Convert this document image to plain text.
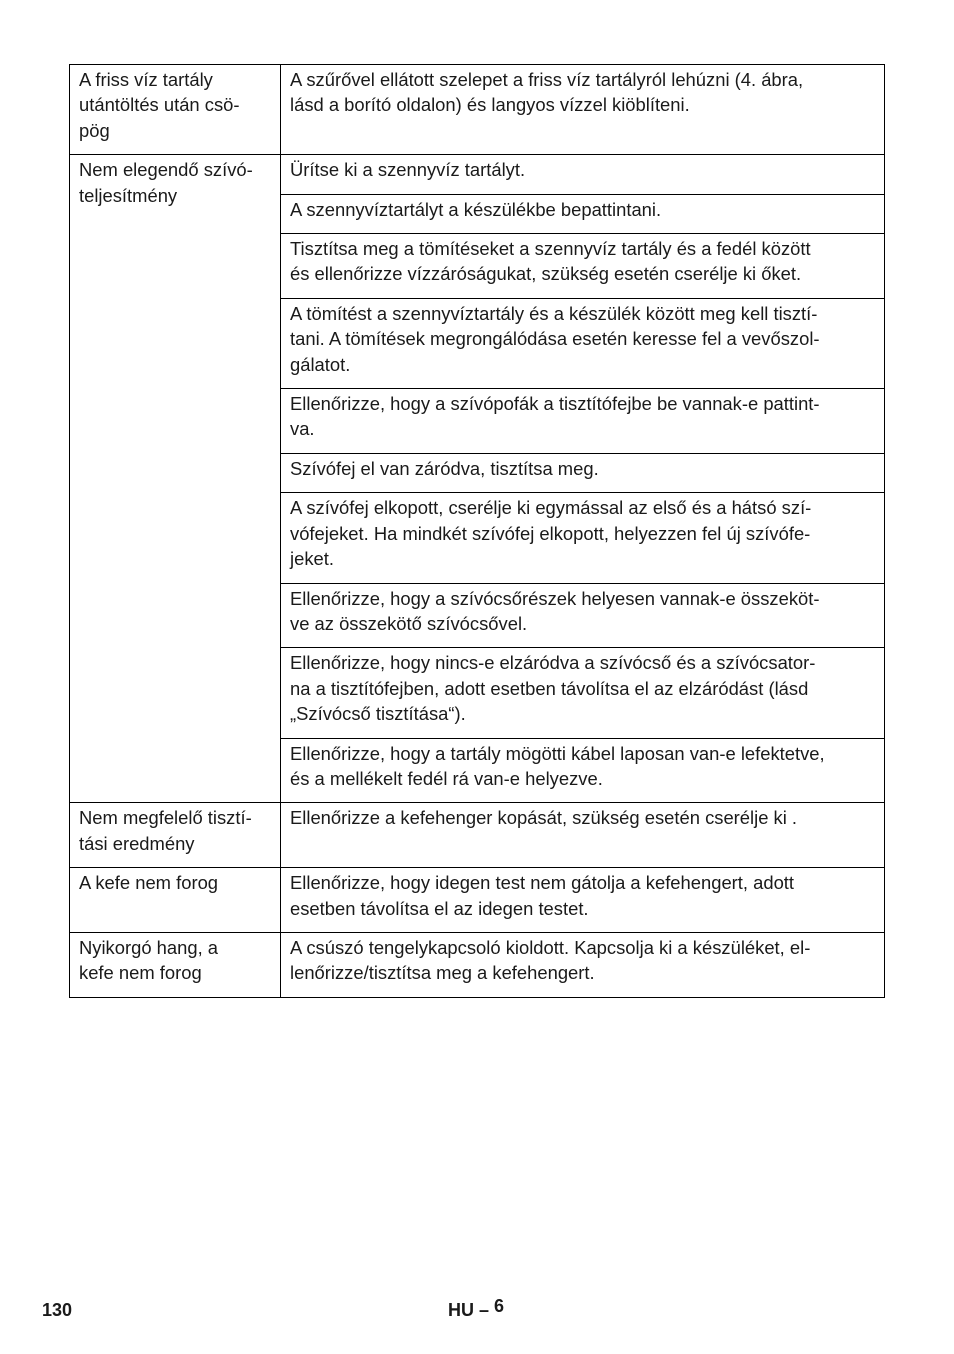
A friss víz tartály
utántöltés után csö-
pög	A szűrővel ellátott szelepet a friss víz tartályról lehúzni (4. ábra,
lásd a borító oldalon) és langyos vízzel kiöblíteni.

Nem elegendő szívó-
teljesítmény	Ürítse ki a szennyvíz tartályt.

	A szennyvíztartályt a készülékbe bepattintani.

	Tisztítsa meg a tömítéseket a szennyvíz tartály és a fedél között
és ellenőrizze vízzáróságukat, szükség esetén cserélje ki őket.

	A tömítést a szennyvíztartály és a készülék között meg kell tisztí-
tani. A tömítések megrongálódása esetén keresse fel a vevőszol-
gálatot.

	Ellenőrizze, hogy a szívópofák a tisztítófejbe be vannak-e pattint-
va.

	Szívófej el van záródva, tisztítsa meg.

	A szívófej elkopott, cserélje ki egymással az első és a hátsó szí-
vófejeket. Ha mindkét szívófej elkopott, helyezzen fel új szívófe-
jeket.

	Ellenőrizze, hogy a szívócsőrészek helyesen vannak-e összeköt-
ve az összekötő szívócsővel.

	Ellenőrizze, hogy nincs-e elzáródva a szívócső és a szívócsator-
na a tisztítófejben, adott esetben távolítsa el az elzáródást (lásd
„Szívócső tisztítása“).

	Ellenőrizze, hogy a tartály mögötti kábel laposan van-e lefektetve,
és a mellékelt fedél rá van-e helyezve.

Nem megfelelő tisztí-
tási eredmény	Ellenőrizze a kefehenger kopását, szükség esetén cserélje ki .

A kefe nem forog	Ellenőrizze, hogy idegen test nem gátolja a kefehengert, adott
esetben távolítsa el az idegen testet.

Nyikorgó hang, a
kefe nem forog	A csúszó tengelykapcsoló kioldott. Kapcsolja ki a készüléket, el-
lenőrizze/tisztítsa meg a kefehengert.
130	HU – 6
